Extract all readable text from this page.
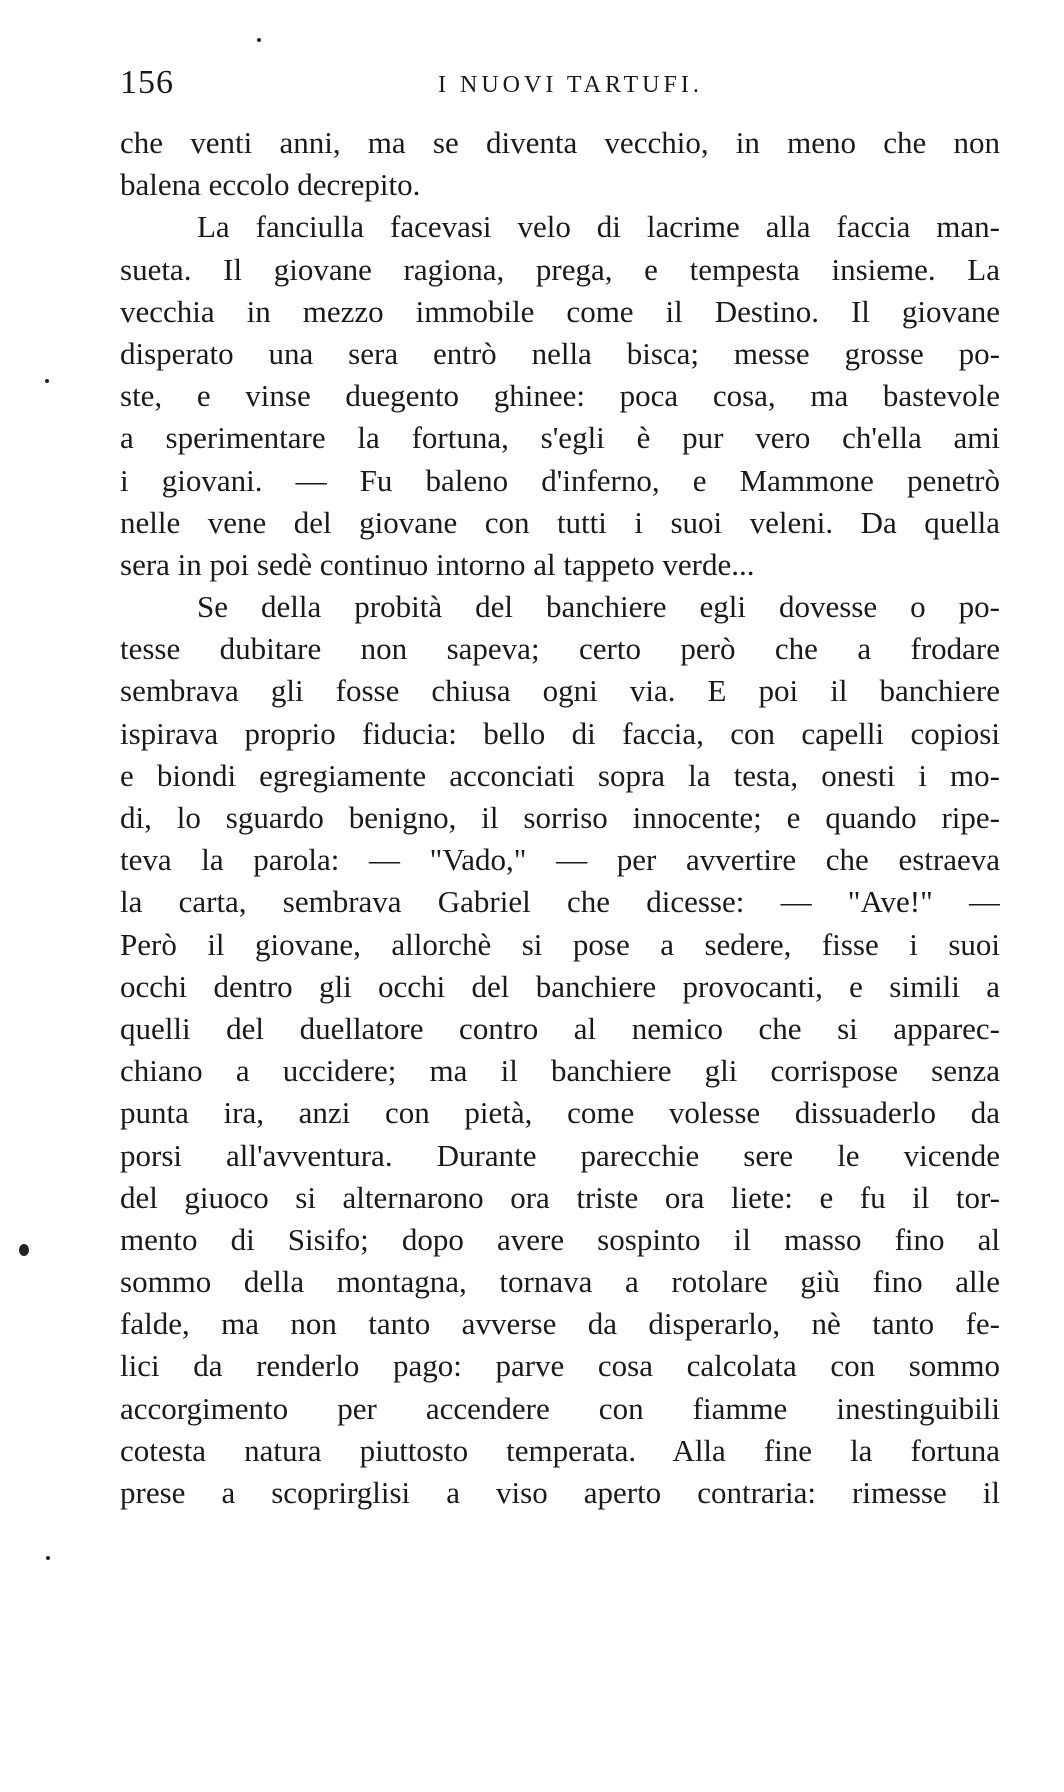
156	I NUOVI TARTUFI.
che venti anni, ma se diventa vecchio, in meno che non
balena eccolo decrepito.
La fanciulla facevasi velo di lacrime alla faccia man-
sueta. Il giovane ragiona, prega, e tempesta insieme. La
vecchia in mezzo immobile come il Destino. Il giovane
disperato una sera entrò nella bisca; messe grosse po-
ste, e vinse duegento ghinee: poca cosa, ma bastevole
a sperimentare la fortuna, s'egli è pur vero ch'ella ami
i giovani. — Fu baleno d'inferno, e Mammone penetrò
nelle vene del giovane con tutti i suoi veleni. Da quella
sera in poi sedè continuo intorno al tappeto verde...
Se della probità del banchiere egli dovesse o po-
tesse dubitare non sapeva; certo però che a frodare
sembrava gli fosse chiusa ogni via. E poi il banchiere
ispirava proprio fiducia: bello di faccia, con capelli copiosi
e biondi egregiamente acconciati sopra la testa, onesti i mo-
di, lo sguardo benigno, il sorriso innocente; e quando ripe-
teva la parola: — "Vado," — per avvertire che estraeva
la carta, sembrava Gabriel che dicesse: — "Ave!" —
Però il giovane, allorchè si pose a sedere, fisse i suoi
occhi dentro gli occhi del banchiere provocanti, e simili a
quelli del duellatore contro al nemico che si apparec-
chiano a uccidere; ma il banchiere gli corrispose senza
punta ira, anzi con pietà, come volesse dissuaderlo da
porsi all'avventura. Durante parecchie sere le vicende
del giuoco si alternarono ora triste ora liete: e fu il tor-
mento di Sisifo; dopo avere sospinto il masso fino al
sommo della montagna, tornava a rotolare giù fino alle
falde, ma non tanto avverse da disperarlo, nè tanto fe-
lici da renderlo pago: parve cosa calcolata con sommo
accorgimento per accendere con fiamme inestinguibili
cotesta natura piuttosto temperata. Alla fine la fortuna
prese a scoprirglisi a viso aperto contraria: rimesse il
